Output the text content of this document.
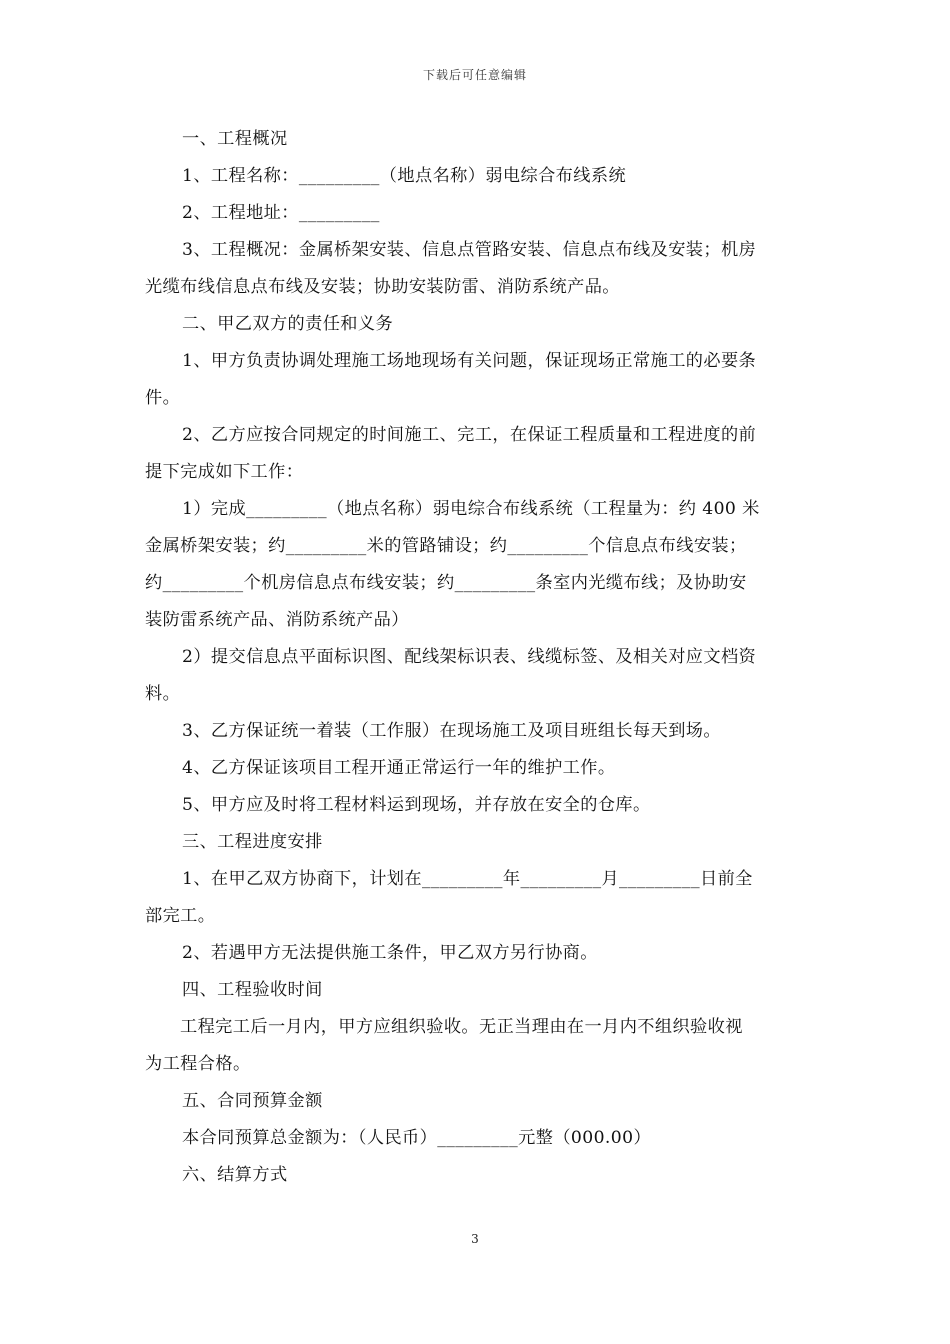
下载后可任意编辑
一、工程概况
1、工程名称：_________（地点名称）弱电综合布线系统
2、工程地址：_________
3、工程概况：金属桥架安装、信息点管路安装、信息点布线及安装；机房
光缆布线信息点布线及安装；协助安装防雷、消防系统产品。
二、甲乙双方的责任和义务
1、甲方负责协调处理施工场地现场有关问题，保证现场正常施工的必要条
件。
2、乙方应按合同规定的时间施工、完工，在保证工程质量和工程进度的前
提下完成如下工作：
1）完成_________（地点名称）弱电综合布线系统（工程量为：约 400 米
金属桥架安装；约_________米的管路铺设；约_________个信息点布线安装；
约_________个机房信息点布线安装；约_________条室内光缆布线；及协助安
装防雷系统产品、消防系统产品）
2）提交信息点平面标识图、配线架标识表、线缆标签、及相关对应文档资
料。
3、乙方保证统一着装（工作服）在现场施工及项目班组长每天到场。
4、乙方保证该项目工程开通正常运行一年的维护工作。
5、甲方应及时将工程材料运到现场，并存放在安全的仓库。
三、工程进度安排
1、在甲乙双方协商下，计划在_________年_________月_________日前全
部完工。
2、若遇甲方无法提供施工条件，甲乙双方另行协商。
四、工程验收时间
工程完工后一月内，甲方应组织验收。无正当理由在一月内不组织验收视
为工程合格。
五、合同预算金额
本合同预算总金额为：（人民币）_________元整（000.00）
六、结算方式
3
